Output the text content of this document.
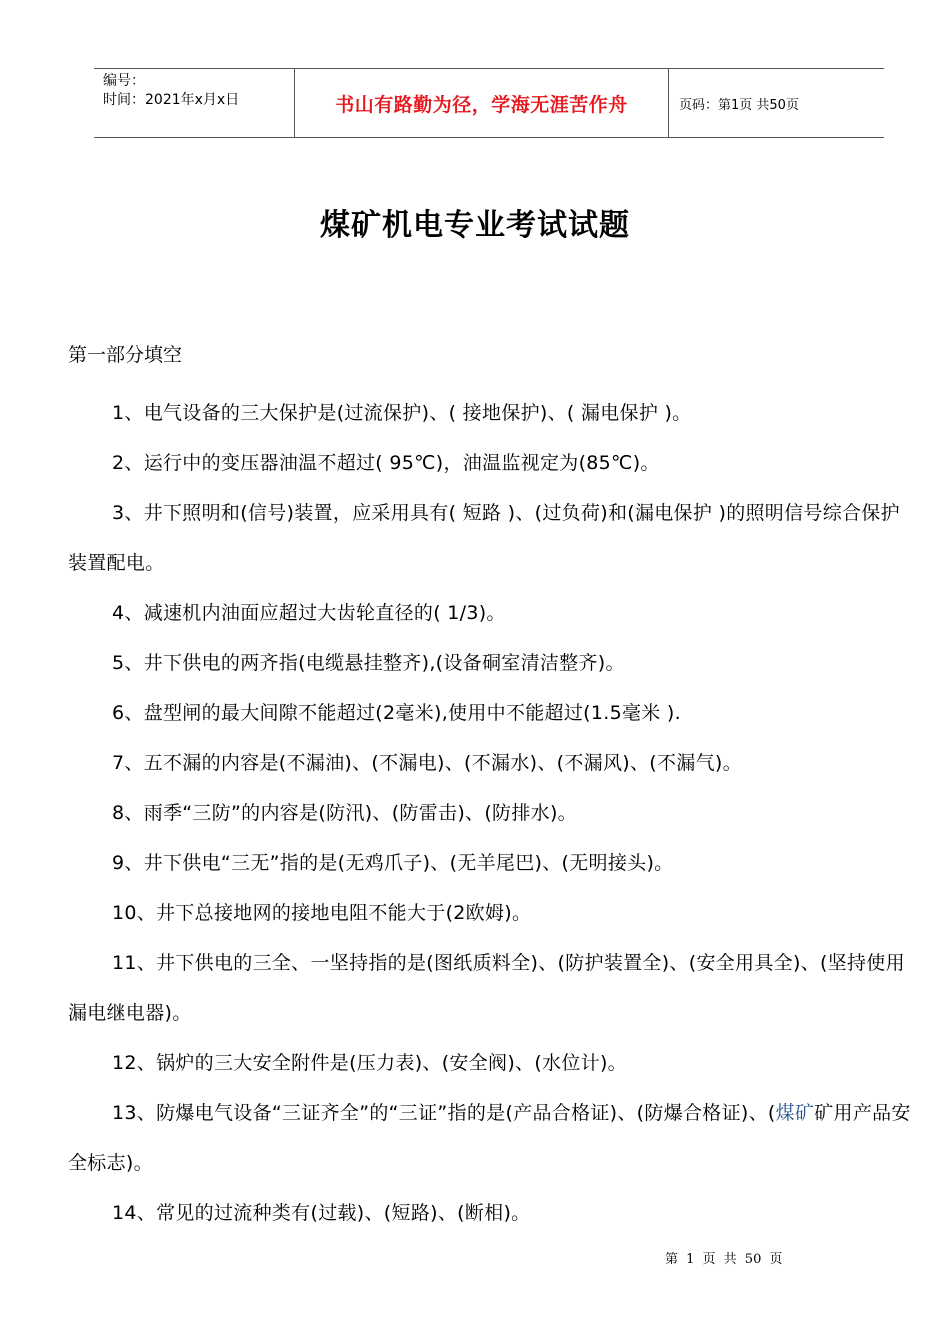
编号：
时间：2021年x月x日	书山有路勤为径，学海无涯苦作舟	页码：第1页 共50页
煤矿机电专业考试试题
第一部分填空

1、电气设备的三大保护是(过流保护)、( 接地保护)、( 漏电保护 )。

2、运行中的变压器油温不超过( 95℃)，油温监视定为(85℃)。

3、井下照明和(信号)装置，应采用具有( 短路 )、(过负荷)和(漏电保护 )的照明信号综合保护装置配电。

4、减速机内油面应超过大齿轮直径的( 1/3)。

5、井下供电的两齐指(电缆悬挂整齐),(设备硐室清洁整齐)。

6、盘型闸的最大间隙不能超过(2毫米),使用中不能超过(1.5毫米 ).

7、五不漏的内容是(不漏油)、(不漏电)、(不漏水)、(不漏风)、(不漏气)。

8、雨季“三防”的内容是(防汛)、(防雷击)、(防排水)。

9、井下供电“三无”指的是(无鸡爪子)、(无羊尾巴)、(无明接头)。

10、井下总接地网的接地电阻不能大于(2欧姆)。

11、井下供电的三全、一坚持指的是(图纸质料全)、(防护装置全)、(安全用具全)、(坚持使用漏电继电器)。

12、锅炉的三大安全附件是(压力表)、(安全阀)、(水位计)。

13、防爆电气设备“三证齐全”的“三证”指的是(产品合格证)、(防爆合格证)、(煤矿矿用产品安全标志)。

14、常见的过流种类有(过载)、(短路)、(断相)。

第 1 页 共 50 页
